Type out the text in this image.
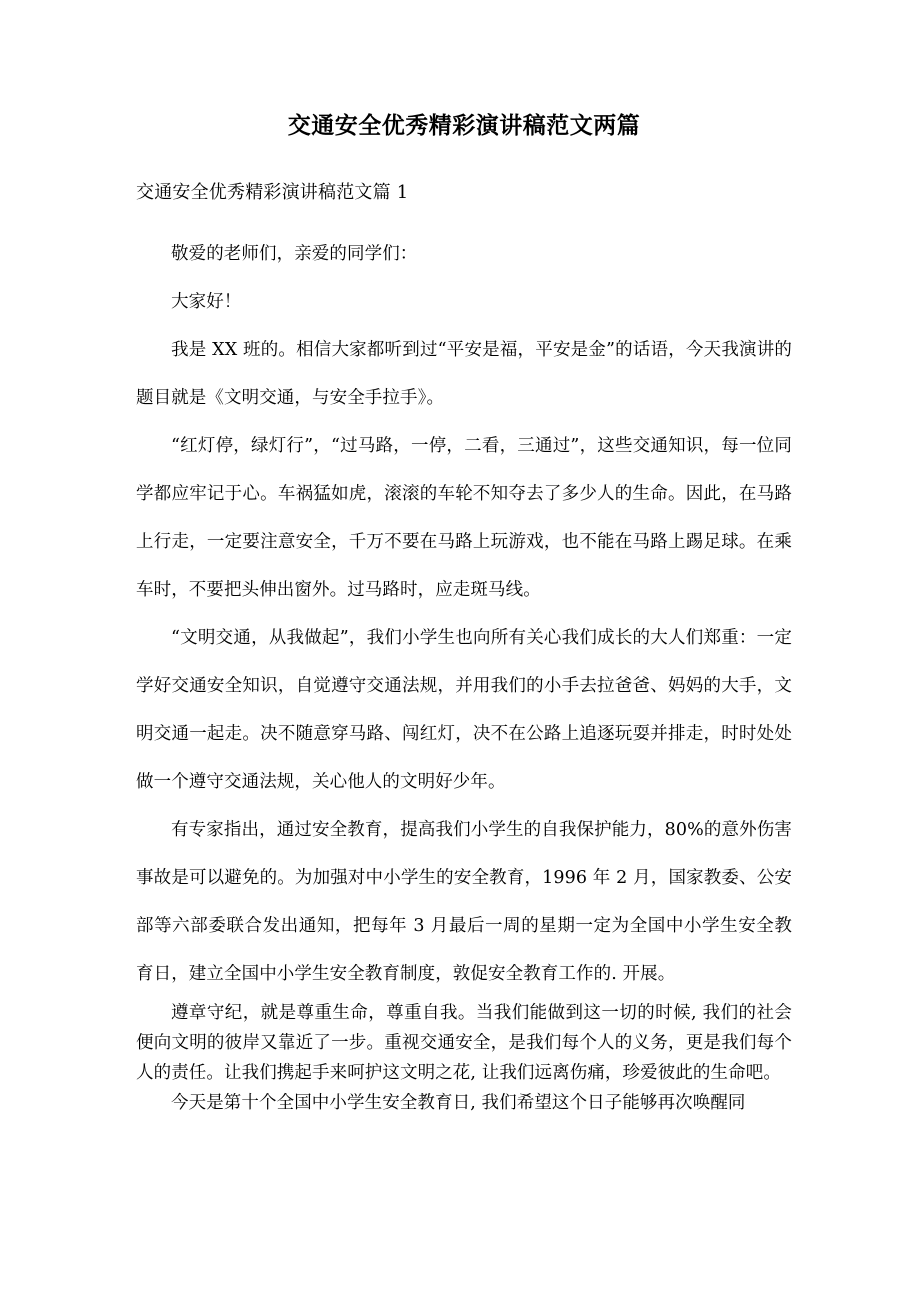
交通安全优秀精彩演讲稿范文两篇
交通安全优秀精彩演讲稿范文篇 1

敬爱的老师们，亲爱的同学们：

大家好！

我是 XX 班的。相信大家都听到过“平安是福，平安是金”的话语，今天我演讲的题目就是《文明交通，与安全手拉手》。

“红灯停，绿灯行”，“过马路，一停，二看，三通过”，这些交通知识，每一位同学都应牢记于心。车祸猛如虎，滚滚的车轮不知夺去了多少人的生命。因此，在马路上行走，一定要注意安全，千万不要在马路上玩游戏，也不能在马路上踢足球。在乘车时，不要把头伸出窗外。过马路时，应走斑马线。

“文明交通，从我做起”，我们小学生也向所有关心我们成长的大人们郑重：一定学好交通安全知识，自觉遵守交通法规，并用我们的小手去拉爸爸、妈妈的大手，文明交通一起走。决不随意穿马路、闯红灯，决不在公路上追逐玩耍并排走，时时处处做一个遵守交通法规，关心他人的文明好少年。

有专家指出，通过安全教育，提高我们小学生的自我保护能力，80%的意外伤害事故是可以避免的。为加强对中小学生的安全教育，1996 年 2 月，国家教委、公安部等六部委联合发出通知，把每年 3 月最后一周的星期一定为全国中小学生安全教育日，建立全国中小学生安全教育制度，敦促安全教育工作的. 开展。

遵章守纪，就是尊重生命，尊重自我。当我们能做到这一切的时候, 我们的社会便向文明的彼岸又靠近了一步。重视交通安全，是我们每个人的义务，更是我们每个人的责任。让我们携起手来呵护这文明之花, 让我们远离伤痛，珍爱彼此的生命吧。

今天是第十个全国中小学生安全教育日, 我们希望这个日子能够再次唤醒同
